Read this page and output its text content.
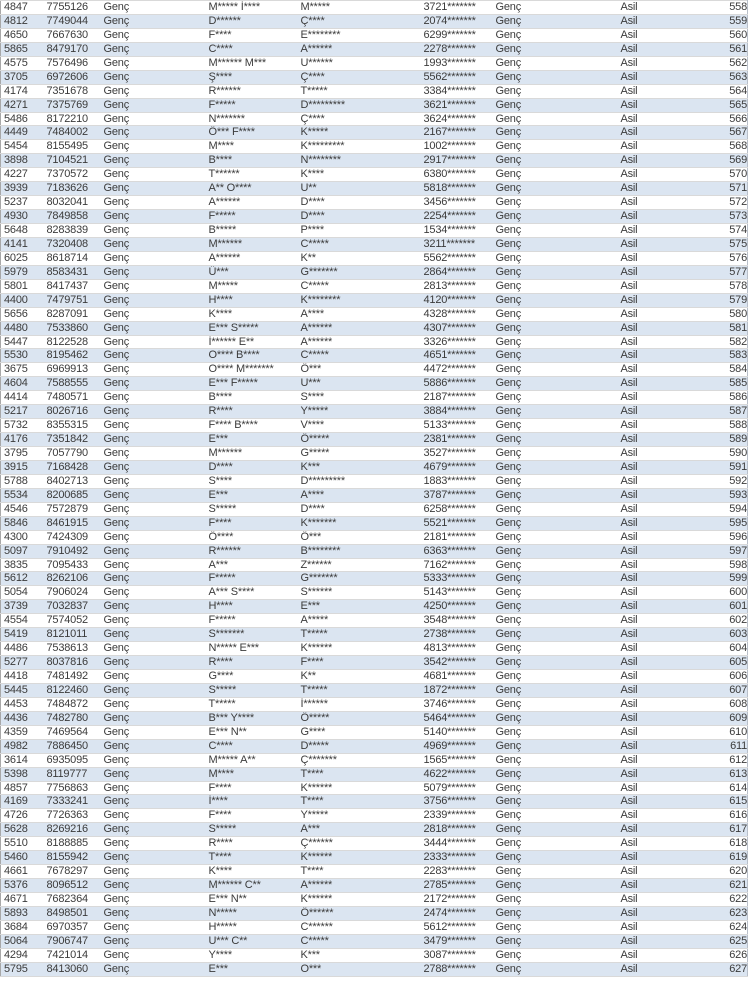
4847	7755126	Genç	M***** İ****	M*****	3721*******	Genç	Asil	558
4812	7749044	Genç	D******	Ç****	2074*******	Genç	Asil	559
4650	7667630	Genç	F****	E********	6299*******	Genç	Asil	560
5865	8479170	Genç	C****	A******	2278*******	Genç	Asil	561
4575	7576496	Genç	M****** M***	U******	1993*******	Genç	Asil	562
3705	6972606	Genç	Ş****	Ç****	5562*******	Genç	Asil	563
4174	7351678	Genç	R******	T*****	3384*******	Genç	Asil	564
4271	7375769	Genç	F*****	D*********	3621*******	Genç	Asil	565
5486	8172210	Genç	N*******	Ç****	3624*******	Genç	Asil	566
4449	7484002	Genç	Ö*** F****	K*****	2167*******	Genç	Asil	567
5454	8155495	Genç	M****	K*********	1002*******	Genç	Asil	568
3898	7104521	Genç	B****	N********	2917*******	Genç	Asil	569
4227	7370572	Genç	T******	K****	6380*******	Genç	Asil	570
3939	7183626	Genç	A** O****	U**	5818*******	Genç	Asil	571
5237	8032041	Genç	A******	D****	3456*******	Genç	Asil	572
4930	7849858	Genç	F*****	D****	2254*******	Genç	Asil	573
5648	8283839	Genç	B*****	P****	1534*******	Genç	Asil	574
4141	7320408	Genç	M******	C*****	3211*******	Genç	Asil	575
6025	8618714	Genç	A******	K**	5562*******	Genç	Asil	576
5979	8583431	Genç	Ü***	G*******	2864*******	Genç	Asil	577
5801	8417437	Genç	M*****	C*****	2813*******	Genç	Asil	578
4400	7479751	Genç	H****	K********	4120*******	Genç	Asil	579
5656	8287091	Genç	K****	A****	4328*******	Genç	Asil	580
4480	7533860	Genç	E*** S*****	A******	4307*******	Genç	Asil	581
5447	8122528	Genç	İ****** E**	A******	3326*******	Genç	Asil	582
5530	8195462	Genç	O**** B****	C*****	4651*******	Genç	Asil	583
3675	6969913	Genç	O**** M*******	Ö***	4472*******	Genç	Asil	584
4604	7588555	Genç	E*** F*****	U***	5886*******	Genç	Asil	585
4414	7480571	Genç	B****	S****	2187*******	Genç	Asil	586
5217	8026716	Genç	R****	Y*****	3884*******	Genç	Asil	587
5732	8355315	Genç	F**** B****	V****	5133*******	Genç	Asil	588
4176	7351842	Genç	E***	Ö*****	2381*******	Genç	Asil	589
3795	7057790	Genç	M******	G*****	3527*******	Genç	Asil	590
3915	7168428	Genç	D****	K***	4679*******	Genç	Asil	591
5788	8402713	Genç	S****	D*********	1883*******	Genç	Asil	592
5534	8200685	Genç	E***	A****	3787*******	Genç	Asil	593
4546	7572879	Genç	S*****	D****	6258*******	Genç	Asil	594
5846	8461915	Genç	F****	K*******	5521*******	Genç	Asil	595
4300	7424309	Genç	Ö****	Ö***	2181*******	Genç	Asil	596
5097	7910492	Genç	R******	B********	6363*******	Genç	Asil	597
3835	7095433	Genç	A***	Z******	7162*******	Genç	Asil	598
5612	8262106	Genç	F*****	G*******	5333*******	Genç	Asil	599
5054	7906024	Genç	A*** S****	S******	5143*******	Genç	Asil	600
3739	7032837	Genç	H****	E***	4250*******	Genç	Asil	601
4554	7574052	Genç	F*****	A*****	3548*******	Genç	Asil	602
5419	8121011	Genç	S*******	T*****	2738*******	Genç	Asil	603
4486	7538613	Genç	N***** E***	K******	4813*******	Genç	Asil	604
5277	8037816	Genç	R****	F****	3542*******	Genç	Asil	605
4418	7481492	Genç	G****	K**	4681*******	Genç	Asil	606
5445	8122460	Genç	S*****	T*****	1872*******	Genç	Asil	607
4453	7484872	Genç	T*****	İ******	3746*******	Genç	Asil	608
4436	7482780	Genç	B*** Y****	Ö*****	5464*******	Genç	Asil	609
4359	7469564	Genç	E*** N**	G****	5140*******	Genç	Asil	610
4982	7886450	Genç	C****	D*****	4969*******	Genç	Asil	611
3614	6935095	Genç	M***** A**	Ç*******	1565*******	Genç	Asil	612
5398	8119777	Genç	M****	T****	4622*******	Genç	Asil	613
4857	7756863	Genç	F****	K******	5079*******	Genç	Asil	614
4169	7333241	Genç	İ****	T****	3756*******	Genç	Asil	615
4726	7726363	Genç	F****	Y*****	2339*******	Genç	Asil	616
5628	8269216	Genç	S*****	A***	2818*******	Genç	Asil	617
5510	8188885	Genç	R****	Ç******	3444*******	Genç	Asil	618
5460	8155942	Genç	T****	K******	2333*******	Genç	Asil	619
4661	7678297	Genç	K****	T****	2283*******	Genç	Asil	620
5376	8096512	Genç	M****** C**	A******	2785*******	Genç	Asil	621
4671	7682364	Genç	E*** N**	K******	2172*******	Genç	Asil	622
5893	8498501	Genç	N*****	Ö******	2474*******	Genç	Asil	623
3684	6970357	Genç	H*****	C******	5612*******	Genç	Asil	624
5064	7906747	Genç	U*** C**	C*****	3479*******	Genç	Asil	625
4294	7421014	Genç	Y****	K***	3087*******	Genç	Asil	626
5795	8413060	Genç	E***	O***	2788*******	Genç	Asil	627
